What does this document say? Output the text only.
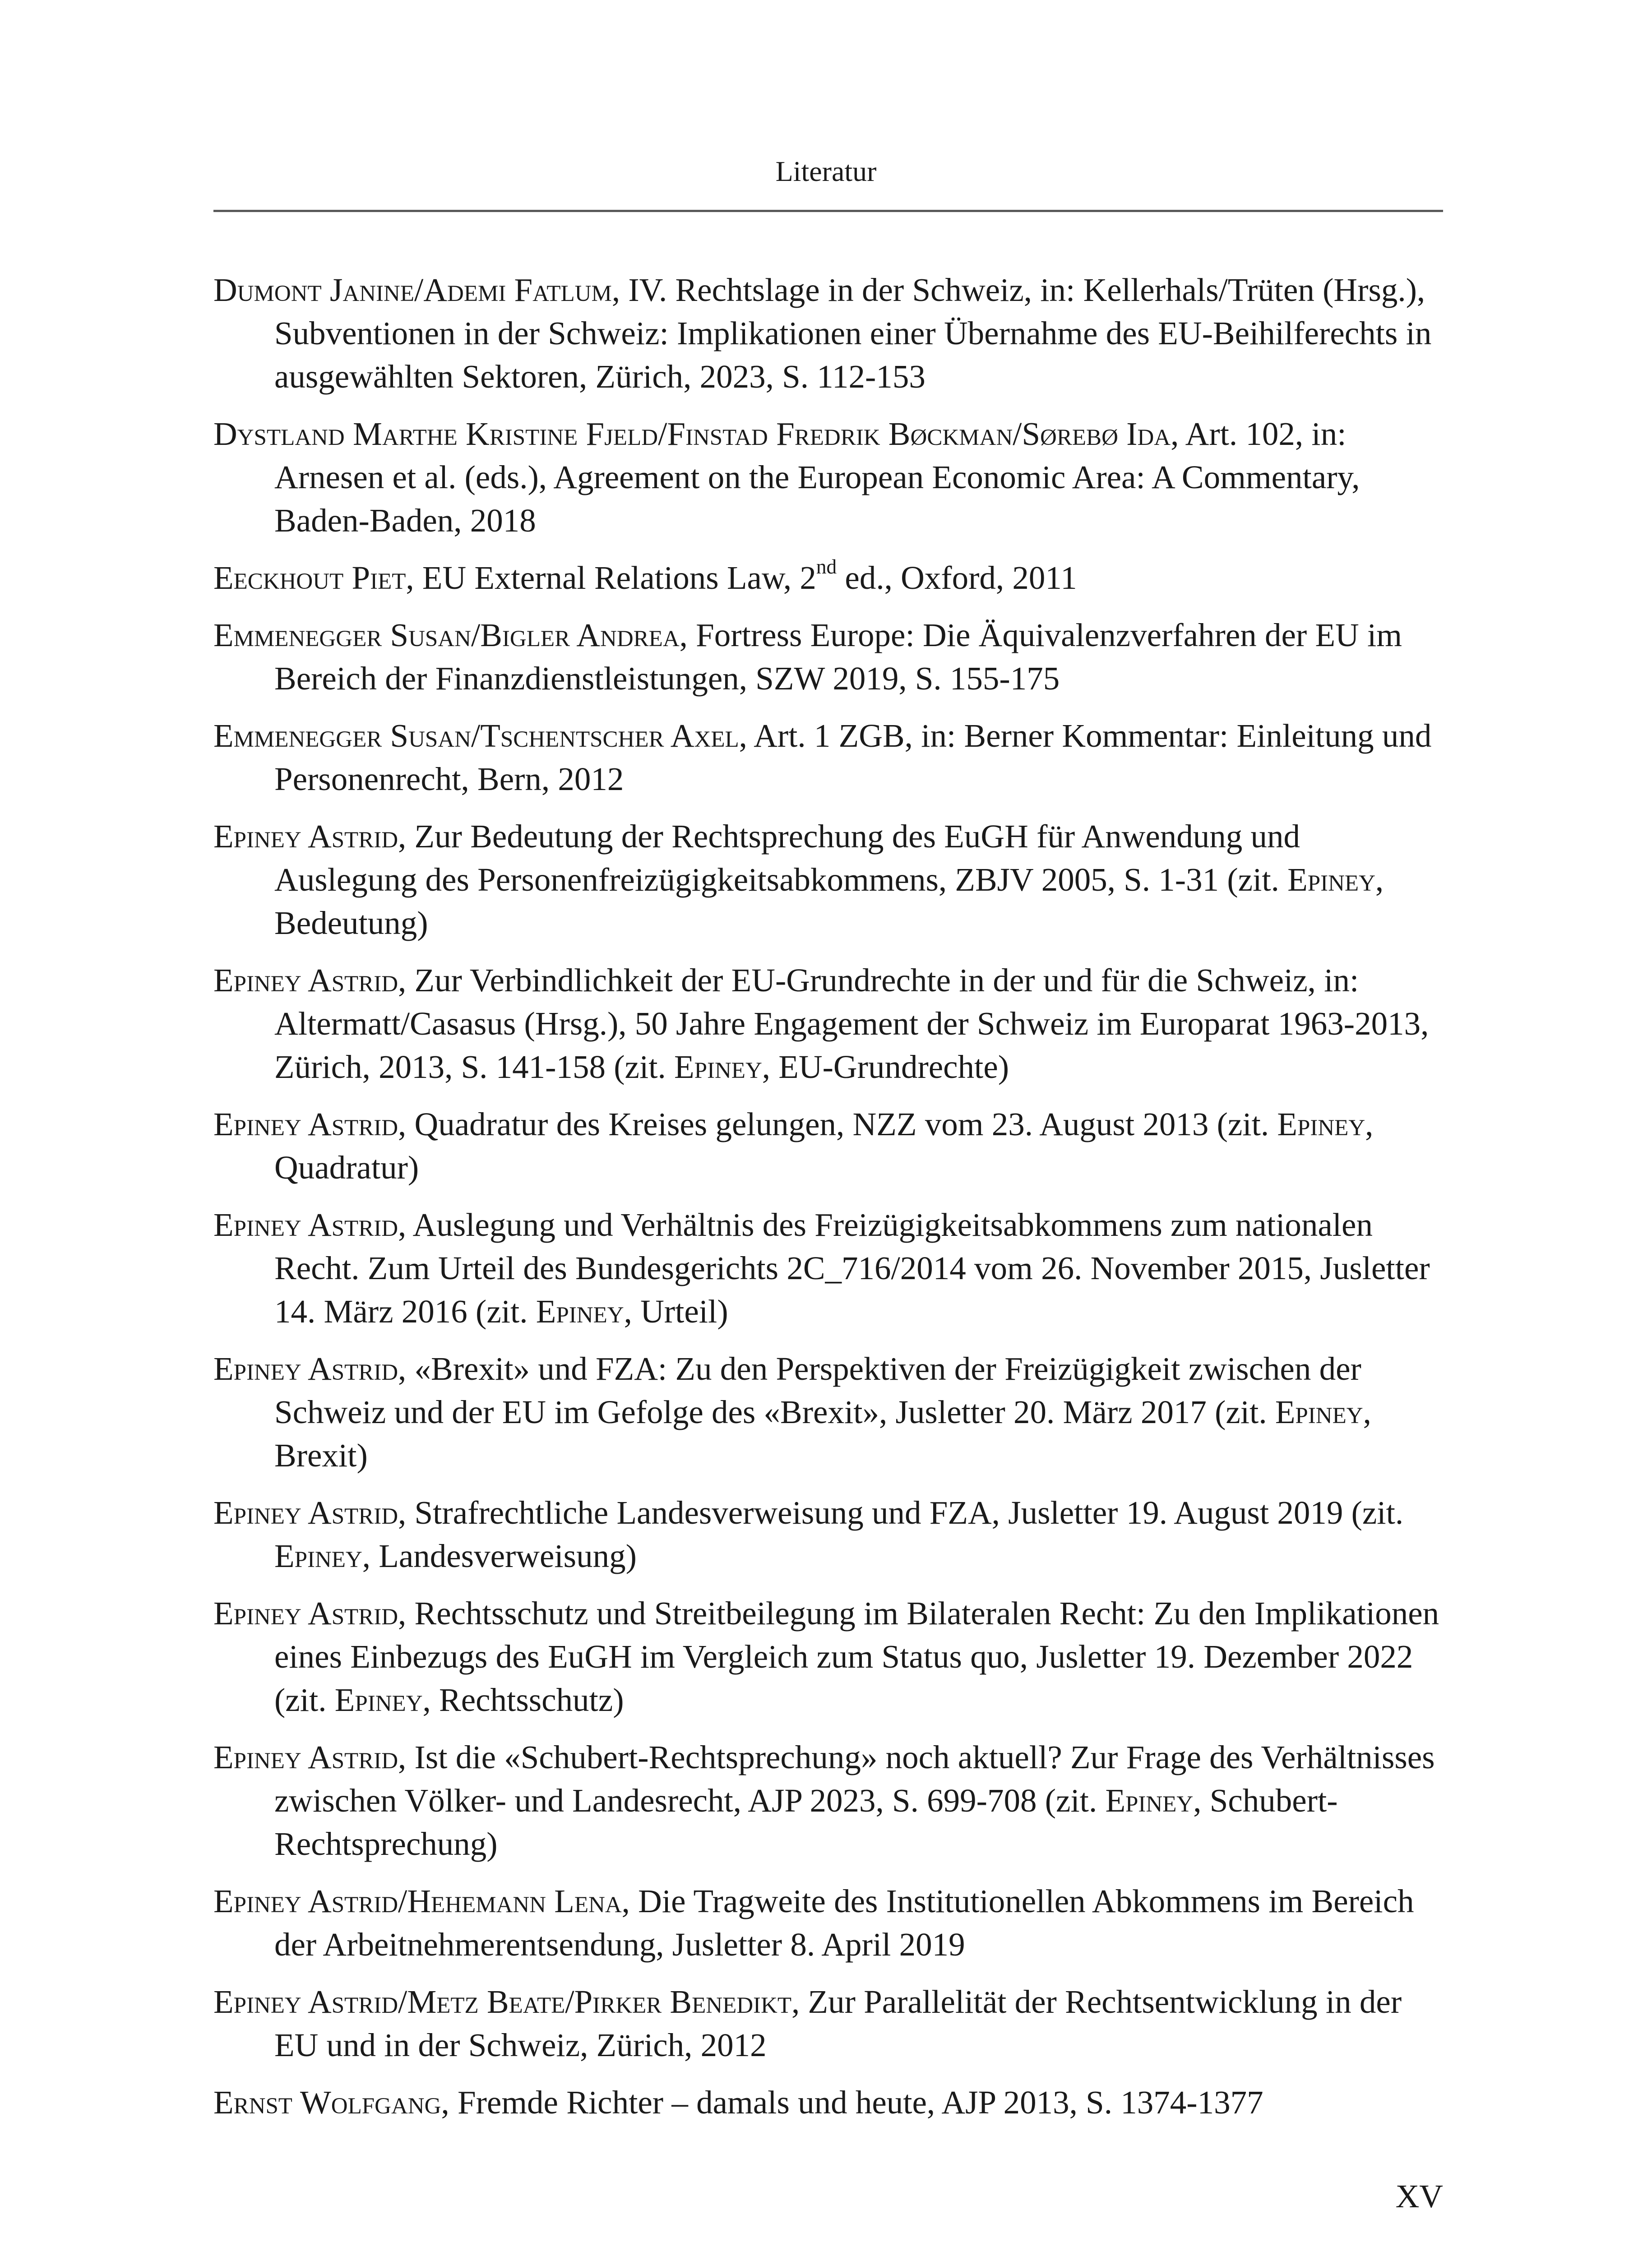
Literatur

Dumont Janine/Ademi Fatlum, IV. Rechtslage in der Schweiz, in: Kellerhals/Trüten (Hrsg.), Subventionen in der Schweiz: Implikationen einer Übernahme des EU-Beihilferechts in ausgewählten Sektoren, Zürich, 2023, S. 112-153

Dystland Marthe Kristine Fjeld/Finstad Fredrik Bøckman/Sørebø Ida, Art. 102, in: Arnesen et al. (eds.), Agreement on the European Economic Area: A Commentary, Baden-Baden, 2018

Eeckhout Piet, EU External Relations Law, 2nd ed., Oxford, 2011

Emmenegger Susan/Bigler Andrea, Fortress Europe: Die Äquivalenzverfahren der EU im Bereich der Finanzdienstleistungen, SZW 2019, S. 155-175

Emmenegger Susan/Tschentscher Axel, Art. 1 ZGB, in: Berner Kommentar: Einleitung und Personenrecht, Bern, 2012

Epiney Astrid, Zur Bedeutung der Rechtsprechung des EuGH für Anwendung und Auslegung des Personenfreizügigkeitsabkommens, ZBJV 2005, S. 1-31 (zit. Epiney, Bedeutung)

Epiney Astrid, Zur Verbindlichkeit der EU-Grundrechte in der und für die Schweiz, in: Altermatt/Casasus (Hrsg.), 50 Jahre Engagement der Schweiz im Europarat 1963-2013, Zürich, 2013, S. 141-158 (zit. Epiney, EU-Grundrechte)

Epiney Astrid, Quadratur des Kreises gelungen, NZZ vom 23. August 2013 (zit. Epiney, Quadratur)

Epiney Astrid, Auslegung und Verhältnis des Freizügigkeitsabkommens zum nationalen Recht. Zum Urteil des Bundesgerichts 2C_716/2014 vom 26. November 2015, Jusletter 14. März 2016 (zit. Epiney, Urteil)

Epiney Astrid, «Brexit» und FZA: Zu den Perspektiven der Freizügigkeit zwischen der Schweiz und der EU im Gefolge des «Brexit», Jusletter 20. März 2017 (zit. Epiney, Brexit)

Epiney Astrid, Strafrechtliche Landesverweisung und FZA, Jusletter 19. August 2019 (zit. Epiney, Landesverweisung)

Epiney Astrid, Rechtsschutz und Streitbeilegung im Bilateralen Recht: Zu den Implikationen eines Einbezugs des EuGH im Vergleich zum Status quo, Jusletter 19. Dezember 2022 (zit. Epiney, Rechtsschutz)

Epiney Astrid, Ist die «Schubert-Rechtsprechung» noch aktuell? Zur Frage des Verhältnisses zwischen Völker- und Landesrecht, AJP 2023, S. 699-708 (zit. Epiney, Schubert-Rechtsprechung)

Epiney Astrid/Hehemann Lena, Die Tragweite des Institutionellen Abkommens im Bereich der Arbeitnehmerentsendung, Jusletter 8. April 2019

Epiney Astrid/Metz Beate/Pirker Benedikt, Zur Parallelität der Rechtsentwicklung in der EU und in der Schweiz, Zürich, 2012

Ernst Wolfgang, Fremde Richter – damals und heute, AJP 2013, S. 1374-1377

XV
